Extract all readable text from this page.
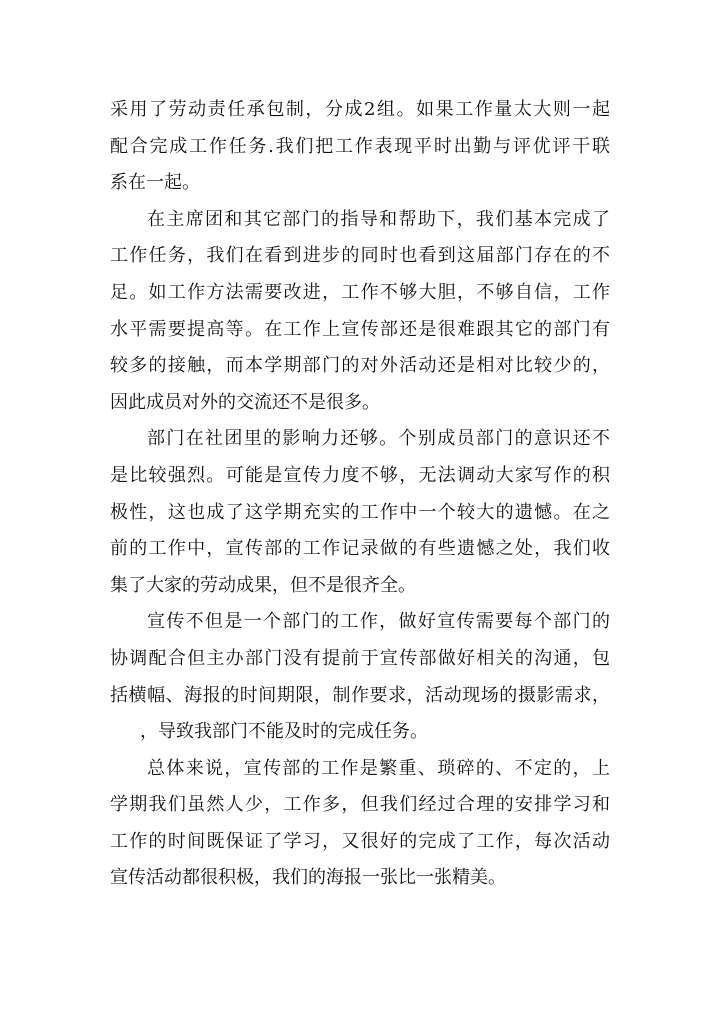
采用了劳动责任承包制，分成2组。如果工作量太大则一起
配合完成工作任务.我们把工作表现平时出勤与评优评干联
系在一起。
在主席团和其它部门的指导和帮助下，我们基本完成了
工作任务，我们在看到进步的同时也看到这届部门存在的不
足。如工作方法需要改进，工作不够大胆，不够自信，工作
水平需要提高等。在工作上宣传部还是很难跟其它的部门有
较多的接触，而本学期部门的对外活动还是相对比较少的，
因此成员对外的交流还不是很多。
部门在社团里的影响力还够。个别成员部门的意识还不
是比较强烈。可能是宣传力度不够，无法调动大家写作的积
极性，这也成了这学期充实的工作中一个较大的遗憾。在之
前的工作中，宣传部的工作记录做的有些遗憾之处，我们收
集了大家的劳动成果，但不是很齐全。
宣传不但是一个部门的工作，做好宣传需要每个部门的
协调配合但主办部门没有提前于宣传部做好相关的沟通，包
括横幅、海报的时间期限，制作要求，活动现场的摄影需求，
，导致我部门不能及时的完成任务。
总体来说，宣传部的工作是繁重、琐碎的、不定的，上
学期我们虽然人少，工作多，但我们经过合理的安排学习和
工作的时间既保证了学习，又很好的完成了工作，每次活动
宣传活动都很积极，我们的海报一张比一张精美。
